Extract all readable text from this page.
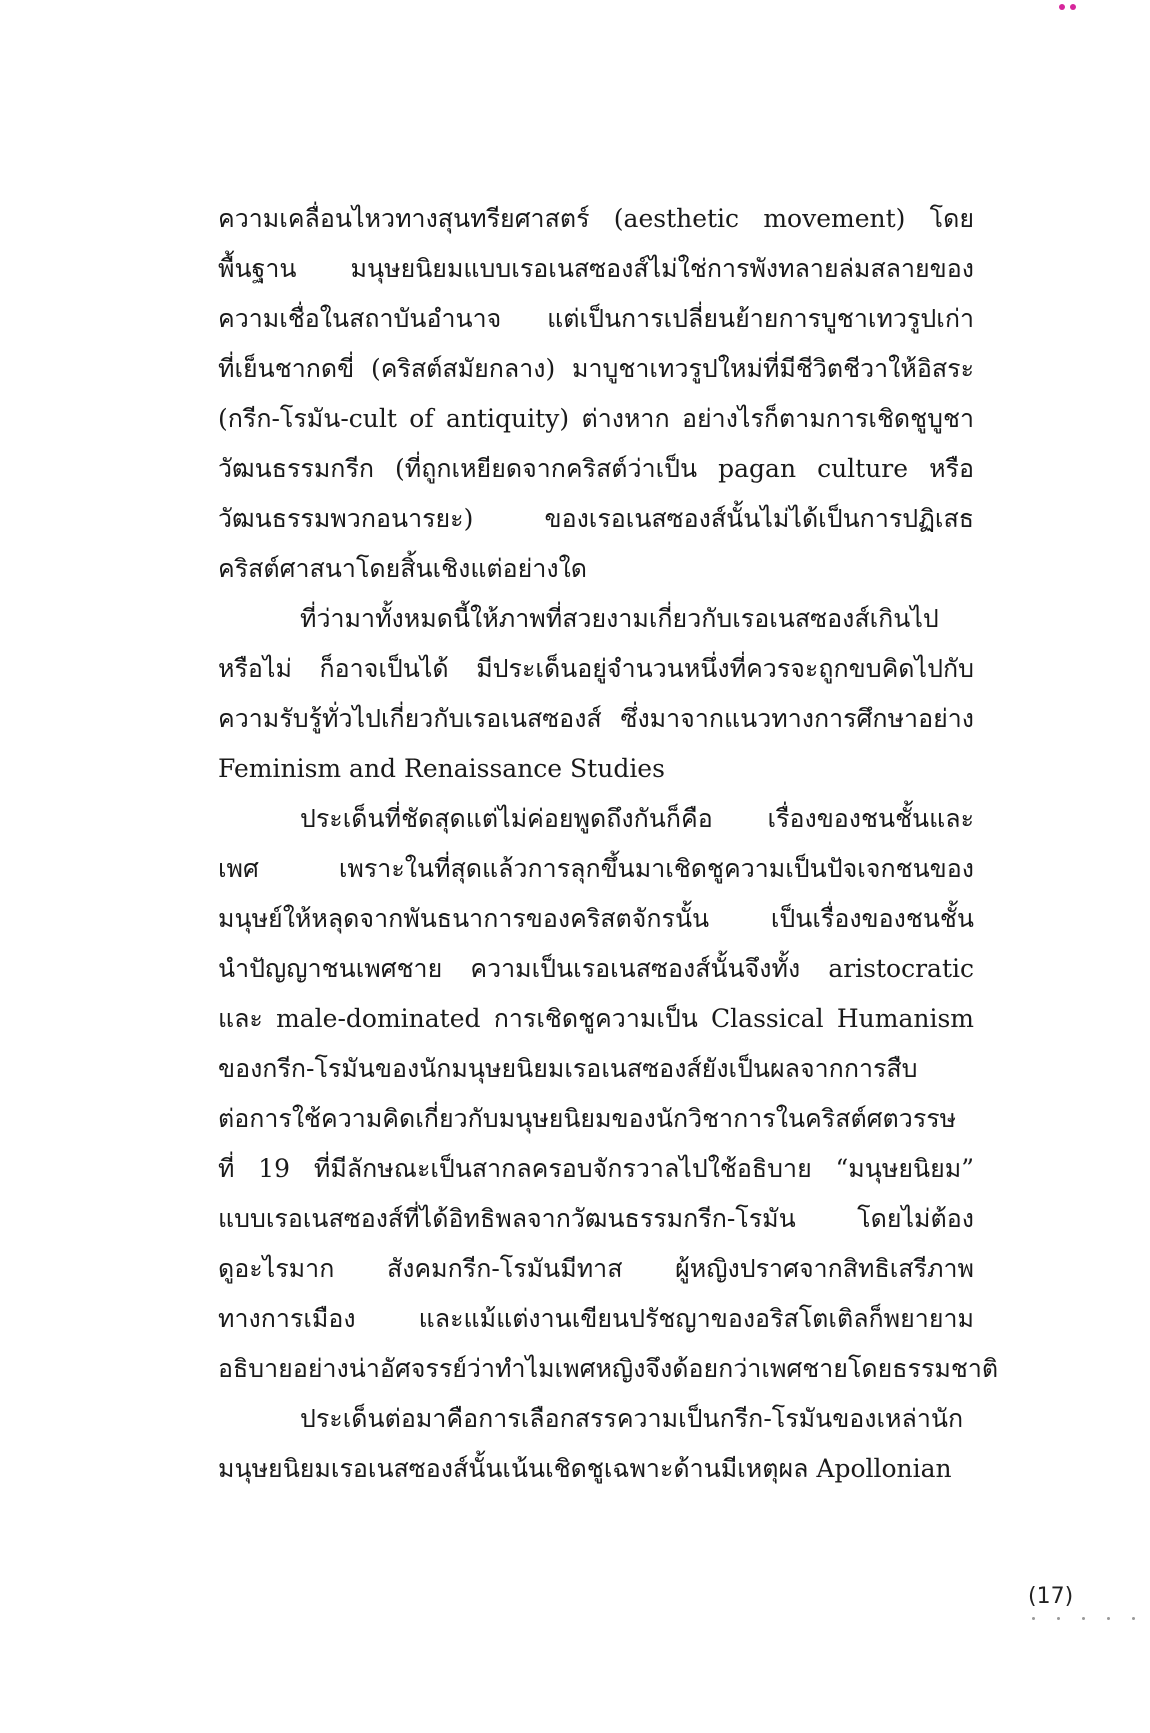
ความเคลื่อนไหวทางสุนทรียศาสตร์ (aesthetic movement) โดย
พื้นฐาน มนุษยนิยมแบบเรอเนสซองส์ไม่ใช่การพังทลายล่มสลายของ
ความเชื่อในสถาบันอำนาจ แต่เป็นการเปลี่ยนย้ายการบูชาเทวรูปเก่า
ที่เย็นชากดขี่ (คริสต์สมัยกลาง) มาบูชาเทวรูปใหม่ที่มีชีวิตชีวาให้อิสระ
(กรีก-โรมัน-cult of antiquity) ต่างหาก อย่างไรก็ตามการเชิดชูบูชา
วัฒนธรรมกรีก (ที่ถูกเหยียดจากคริสต์ว่าเป็น pagan culture หรือ
วัฒนธรรมพวกอนารยะ) ของเรอเนสซองส์นั้นไม่ได้เป็นการปฏิเสธ
คริสต์ศาสนาโดยสิ้นเชิงแต่อย่างใด
ที่ว่ามาทั้งหมดนี้ให้ภาพที่สวยงามเกี่ยวกับเรอเนสซองส์เกินไป
หรือไม่ ก็อาจเป็นได้ มีประเด็นอยู่จำนวนหนึ่งที่ควรจะถูกขบคิดไปกับ
ความรับรู้ทั่วไปเกี่ยวกับเรอเนสซองส์ ซึ่งมาจากแนวทางการศึกษาอย่าง
Feminism and Renaissance Studies
ประเด็นที่ชัดสุดแต่ไม่ค่อยพูดถึงกันก็คือ เรื่องของชนชั้นและ
เพศ เพราะในที่สุดแล้วการลุกขึ้นมาเชิดชูความเป็นปัจเจกชนของ
มนุษย์ให้หลุดจากพันธนาการของคริสตจักรนั้น เป็นเรื่องของชนชั้น
นำปัญญาชนเพศชาย ความเป็นเรอเนสซองส์นั้นจึงทั้ง aristocratic
และ male-dominated การเชิดชูความเป็น Classical Humanism
ของกรีก-โรมันของนักมนุษยนิยมเรอเนสซองส์ยังเป็นผลจากการสืบ
ต่อการใช้ความคิดเกี่ยวกับมนุษยนิยมของนักวิชาการในคริสต์ศตวรรษ
ที่ 19 ที่มีลักษณะเป็นสากลครอบจักรวาลไปใช้อธิบาย “มนุษยนิยม”
แบบเรอเนสซองส์ที่ได้อิทธิพลจากวัฒนธรรมกรีก-โรมัน โดยไม่ต้อง
ดูอะไรมาก สังคมกรีก-โรมันมีทาส ผู้หญิงปราศจากสิทธิเสรีภาพ
ทางการเมือง และแม้แต่งานเขียนปรัชญาของอริสโตเติลก็พยายาม
อธิบายอย่างน่าอัศจรรย์ว่าทำไมเพศหญิงจึงด้อยกว่าเพศชายโดยธรรมชาติ
ประเด็นต่อมาคือการเลือกสรรความเป็นกรีก-โรมันของเหล่านัก
มนุษยนิยมเรอเนสซองส์นั้นเน้นเชิดชูเฉพาะด้านมีเหตุผล Apollonian
(17)
